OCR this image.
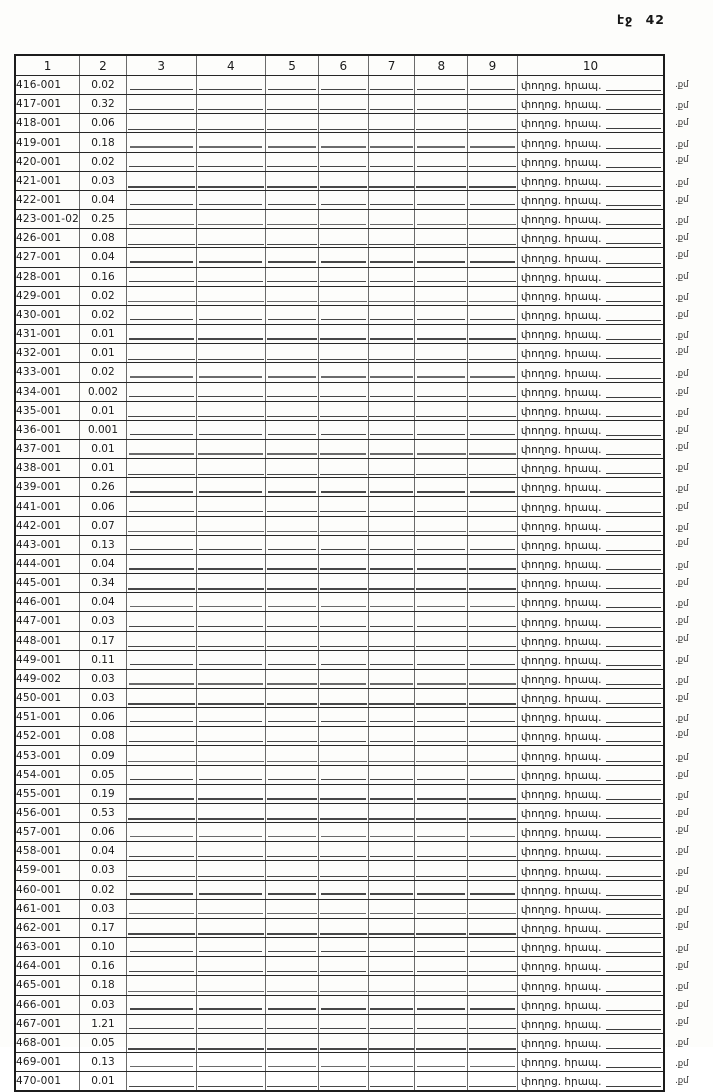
էջ 42
1	2	3	4	5	6	7	8	9	10	
416-001	0.02								փողոց. հրապ.	.քմ
417-001	0.32								փողոց. հրապ.	.քմ
418-001	0.06								փողոց. հրապ.	.քմ
419-001	0.18								փողոց. հրապ.	.քմ
420-001	0.02								փողոց. հրապ.	.քմ
421-001	0.03								փողոց. հրապ.	.քմ
422-001	0.04								փողոց. հրապ.	.քմ
423-001-02	0.25								փողոց. հրապ.	.քմ
426-001	0.08								փողոց. հրապ.	.քմ
427-001	0.04								փողոց. հրապ.	.քմ
428-001	0.16								փողոց. հրապ.	.քմ
429-001	0.02								փողոց. հրապ.	.քմ
430-001	0.02								փողոց. հրապ.	.քմ
431-001	0.01								փողոց. հրապ.	.քմ
432-001	0.01								փողոց. հրապ.	.քմ
433-001	0.02								փողոց. հրապ.	.քմ
434-001	0.002								փողոց. հրապ.	.քմ
435-001	0.01								փողոց. հրապ.	.քմ
436-001	0.001								փողոց. հրապ.	.քմ
437-001	0.01								փողոց. հրապ.	.քմ
438-001	0.01								փողոց. հրապ.	.քմ
439-001	0.26								փողոց. հրապ.	.քմ
441-001	0.06								փողոց. հրապ.	.քմ
442-001	0.07								փողոց. հրապ.	.քմ
443-001	0.13								փողոց. հրապ.	.քմ
444-001	0.04								փողոց. հրապ.	.քմ
445-001	0.34								փողոց. հրապ.	.քմ
446-001	0.04								փողոց. հրապ.	.քմ
447-001	0.03								փողոց. հրապ.	.քմ
448-001	0.17								փողոց. հրապ.	.քմ
449-001	0.11								փողոց. հրապ.	.քմ
449-002	0.03								փողոց. հրապ.	.քմ
450-001	0.03								փողոց. հրապ.	.քմ
451-001	0.06								փողոց. հրապ.	.քմ
452-001	0.08								փողոց. հրապ.	.քմ
453-001	0.09								փողոց. հրապ.	.քմ
454-001	0.05								փողոց. հրապ.	.քմ
455-001	0.19								փողոց. հրապ.	.քմ
456-001	0.53								փողոց. հրապ.	.քմ
457-001	0.06								փողոց. հրապ.	.քմ
458-001	0.04								փողոց. հրապ.	.քմ
459-001	0.03								փողոց. հրապ.	.քմ
460-001	0.02								փողոց. հրապ.	.քմ
461-001	0.03								փողոց. հրապ.	.քմ
462-001	0.17								փողոց. հրապ.	.քմ
463-001	0.10								փողոց. հրապ.	.քմ
464-001	0.16								փողոց. հրապ.	.քմ
465-001	0.18								փողոց. հրապ.	.քմ
466-001	0.03								փողոց. հրապ.	.քմ
467-001	1.21								փողոց. հրապ.	.քմ
468-001	0.05								փողոց. հրապ.	.քմ
469-001	0.13								փողոց. հրապ.	.քմ
470-001	0.01								փողոց. հրապ.	.քմ
